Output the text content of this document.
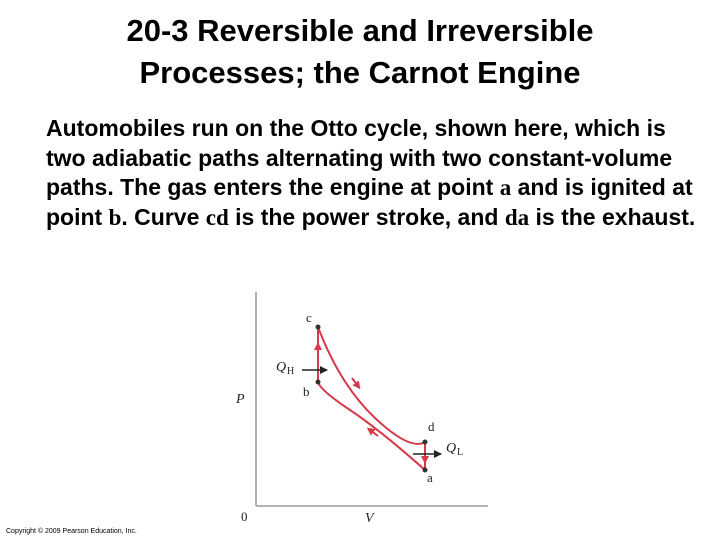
20-3 Reversible and Irreversible
Processes; the Carnot Engine
Automobiles run on the Otto cycle, shown here, which is two adiabatic paths alternating with two constant-volume paths. The gas enters the engine at point a and is ignited at point b. Curve cd is the power stroke, and da is the exhaust.
c
b
d
a
Q H
Q L
P
V
0
Copyright © 2009 Pearson Education, Inc.
